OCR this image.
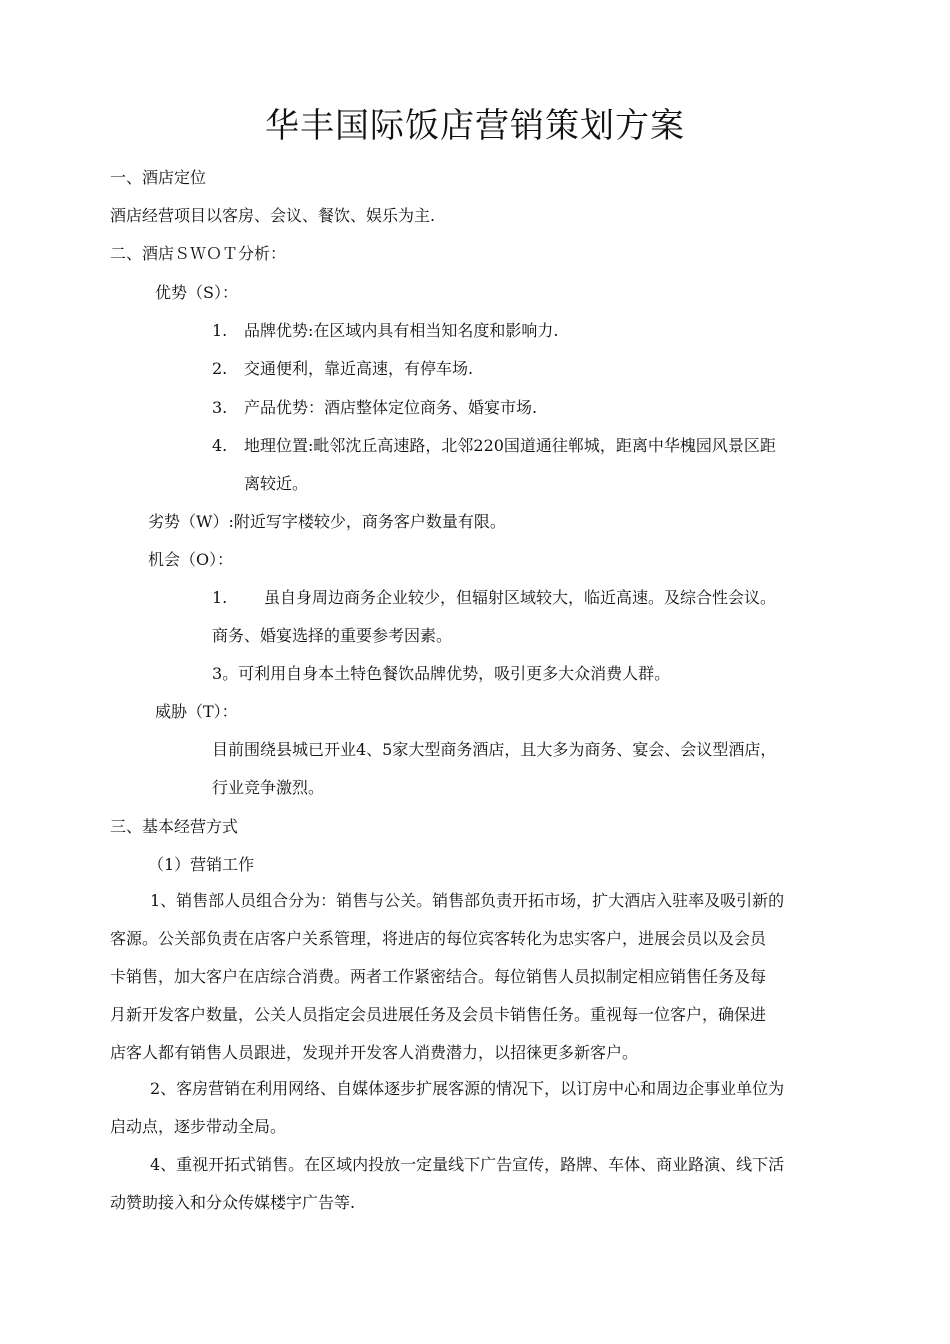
华丰国际饭店营销策划方案
一、酒店定位
酒店经营项目以客房、会议、餐饮、娱乐为主.
二、酒店ＳＷＯＴ分析：
优势（S）：
1. 品牌优势:在区域内具有相当知名度和影响力.
2. 交通便利，靠近高速，有停车场.
3. 产品优势：酒店整体定位商务、婚宴市场.
4. 地理位置:毗邻沈丘高速路，北邻220国道通往郸城，距离中华槐园风景区距
离较近。
劣势（W）:附近写字楼较少，商务客户数量有限。
机会（O）：
1. 虽自身周边商务企业较少，但辐射区域较大，临近高速。及综合性会议。
商务、婚宴选择的重要参考因素。
3。可利用自身本土特色餐饮品牌优势，吸引更多大众消费人群。
威胁（T）：
目前围绕县城已开业4、5家大型商务酒店，且大多为商务、宴会、会议型酒店，
行业竞争激烈。
三、基本经营方式
（1）营销工作
1、销售部人员组合分为：销售与公关。销售部负责开拓市场，扩大酒店入驻率及吸引新的
客源。公关部负责在店客户关系管理，将进店的每位宾客转化为忠实客户，进展会员以及会员
卡销售，加大客户在店综合消费。两者工作紧密结合。每位销售人员拟制定相应销售任务及每
月新开发客户数量，公关人员指定会员进展任务及会员卡销售任务。重视每一位客户，确保进
店客人都有销售人员跟进，发现并开发客人消费潜力，以招徕更多新客户。
2、客房营销在利用网络、自媒体逐步扩展客源的情况下，以订房中心和周边企事业单位为
启动点，逐步带动全局。
4、重视开拓式销售。在区域内投放一定量线下广告宣传，路牌、车体、商业路演、线下活
动赞助接入和分众传媒楼宇广告等.
